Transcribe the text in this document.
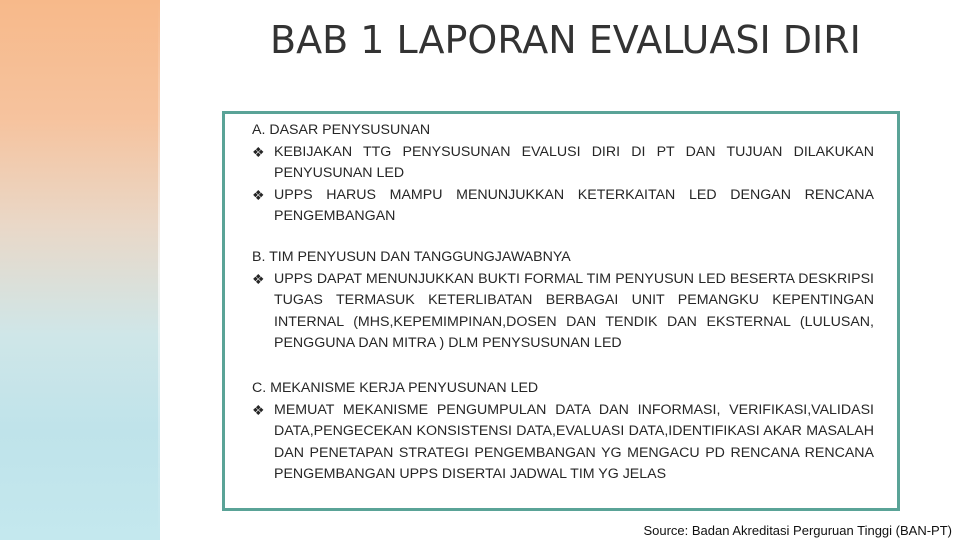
BAB 1 LAPORAN EVALUASI DIRI
A. DASAR PENYSUSUNAN
❖ KEBIJAKAN TTG PENYSUSUNAN EVALUSI DIRI DI PT DAN TUJUAN DILAKUKAN PENYUSUNAN LED
❖ UPPS HARUS MAMPU MENUNJUKKAN KETERKAITAN LED DENGAN RENCANA PENGEMBANGAN
B. TIM PENYUSUN DAN TANGGUNGJAWABNYA
❖ UPPS DAPAT MENUNJUKKAN BUKTI FORMAL TIM PENYUSUN LED BESERTA DESKRIPSI TUGAS TERMASUK KETERLIBATAN BERBAGAI UNIT PEMANGKU KEPENTINGAN INTERNAL (MHS,KEPEMIMPINAN,DOSEN DAN TENDIK DAN EKSTERNAL (LULUSAN, PENGGUNA DAN MITRA ) DLM PENYSUSUNAN LED
C. MEKANISME KERJA PENYUSUNAN LED
❖ MEMUAT MEKANISME PENGUMPULAN DATA DAN INFORMASI, VERIFIKASI,VALIDASI DATA,PENGECEKAN KONSISTENSI DATA,EVALUASI DATA,IDENTIFIKASI AKAR MASALAH DAN PENETAPAN STRATEGI PENGEMBANGAN YG MENGACU PD RENCANA RENCANA PENGEMBANGAN UPPS DISERTAI JADWAL TIM YG JELAS
Source: Badan Akreditasi Perguruan Tinggi (BAN-PT)
